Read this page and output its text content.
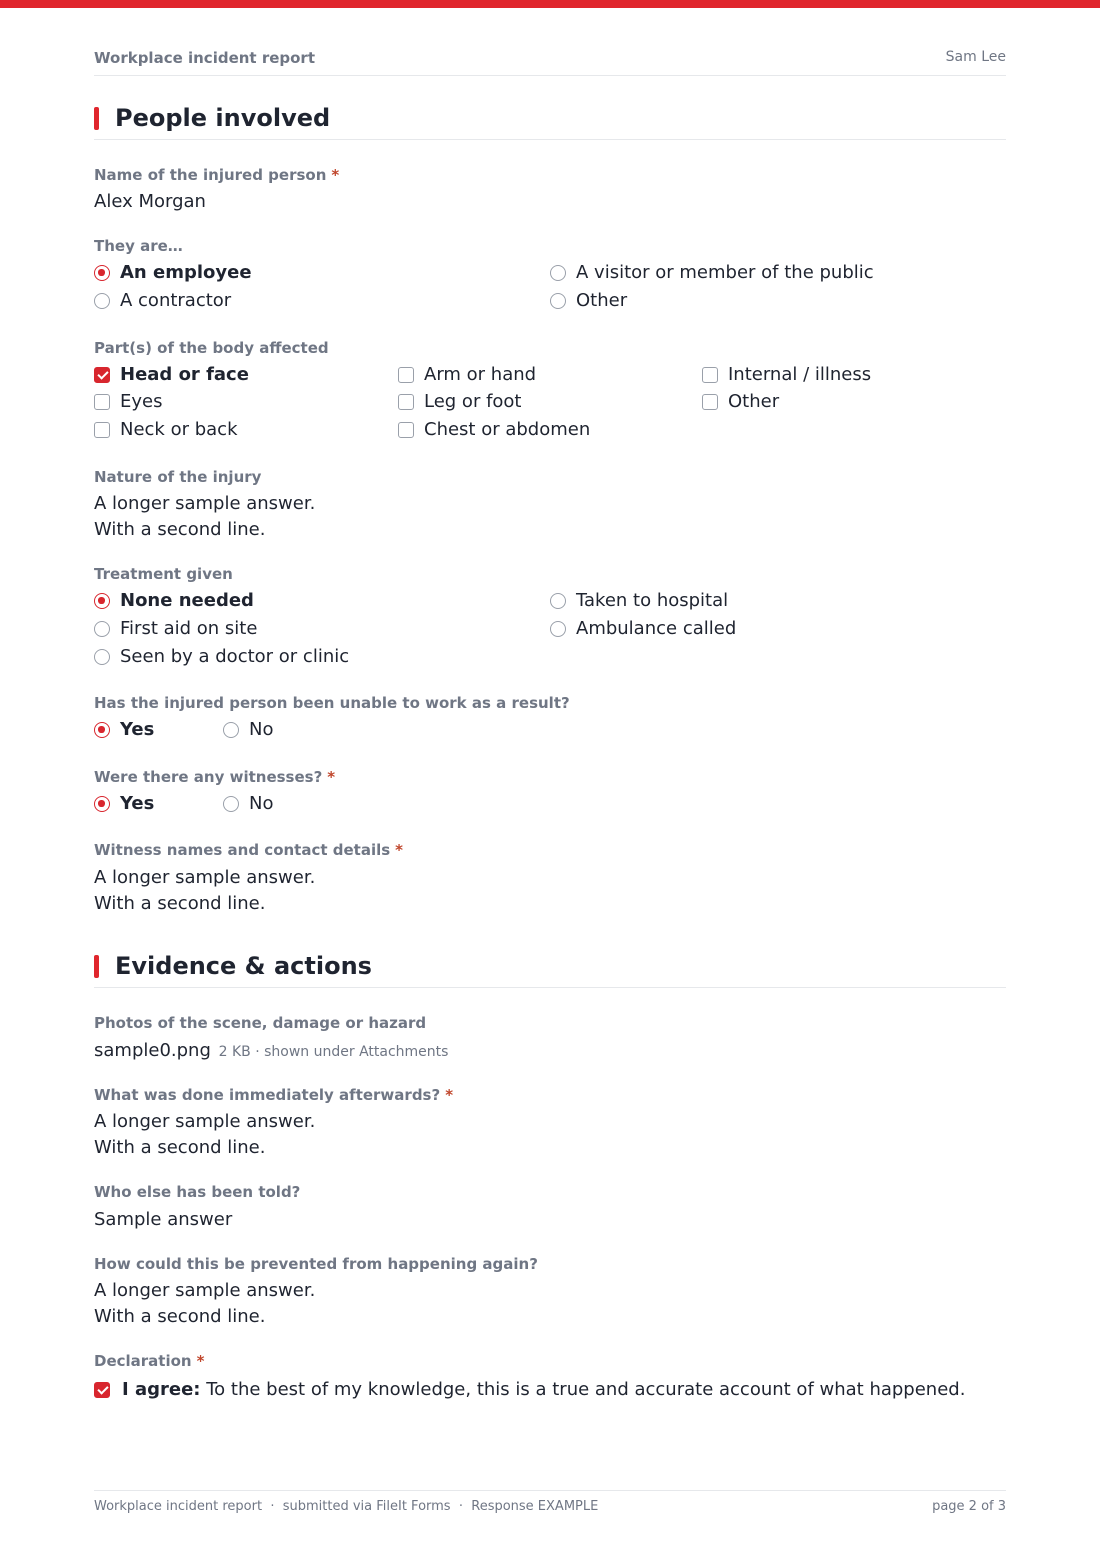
Workplace incident report	Sam Lee
People involved
Name of the injured person *
Alex Morgan
They are…
An employee	A visitor or member of the public
A contractor	Other
Part(s) of the body affected
Head or face	Arm or hand	Internal / illness
Eyes	Leg or foot	Other
Neck or back	Chest or abdomen
Nature of the injury
A longer sample answer.
With a second line.
Treatment given
None needed	Taken to hospital
First aid on site	Ambulance called
Seen by a doctor or clinic
Has the injured person been unable to work as a result?
Yes	No
Were there any witnesses? *
Yes	No
Witness names and contact details *
A longer sample answer.
With a second line.
Evidence & actions
Photos of the scene, damage or hazard
sample0.png 2 KB · shown under Attachments
What was done immediately afterwards? *
A longer sample answer.
With a second line.
Who else has been told?
Sample answer
How could this be prevented from happening again?
A longer sample answer.
With a second line.
Declaration *
I agree: To the best of my knowledge, this is a true and accurate account of what happened.
Workplace incident report  ·  submitted via FileIt Forms  ·  Response EXAMPLE	page 2 of 3
